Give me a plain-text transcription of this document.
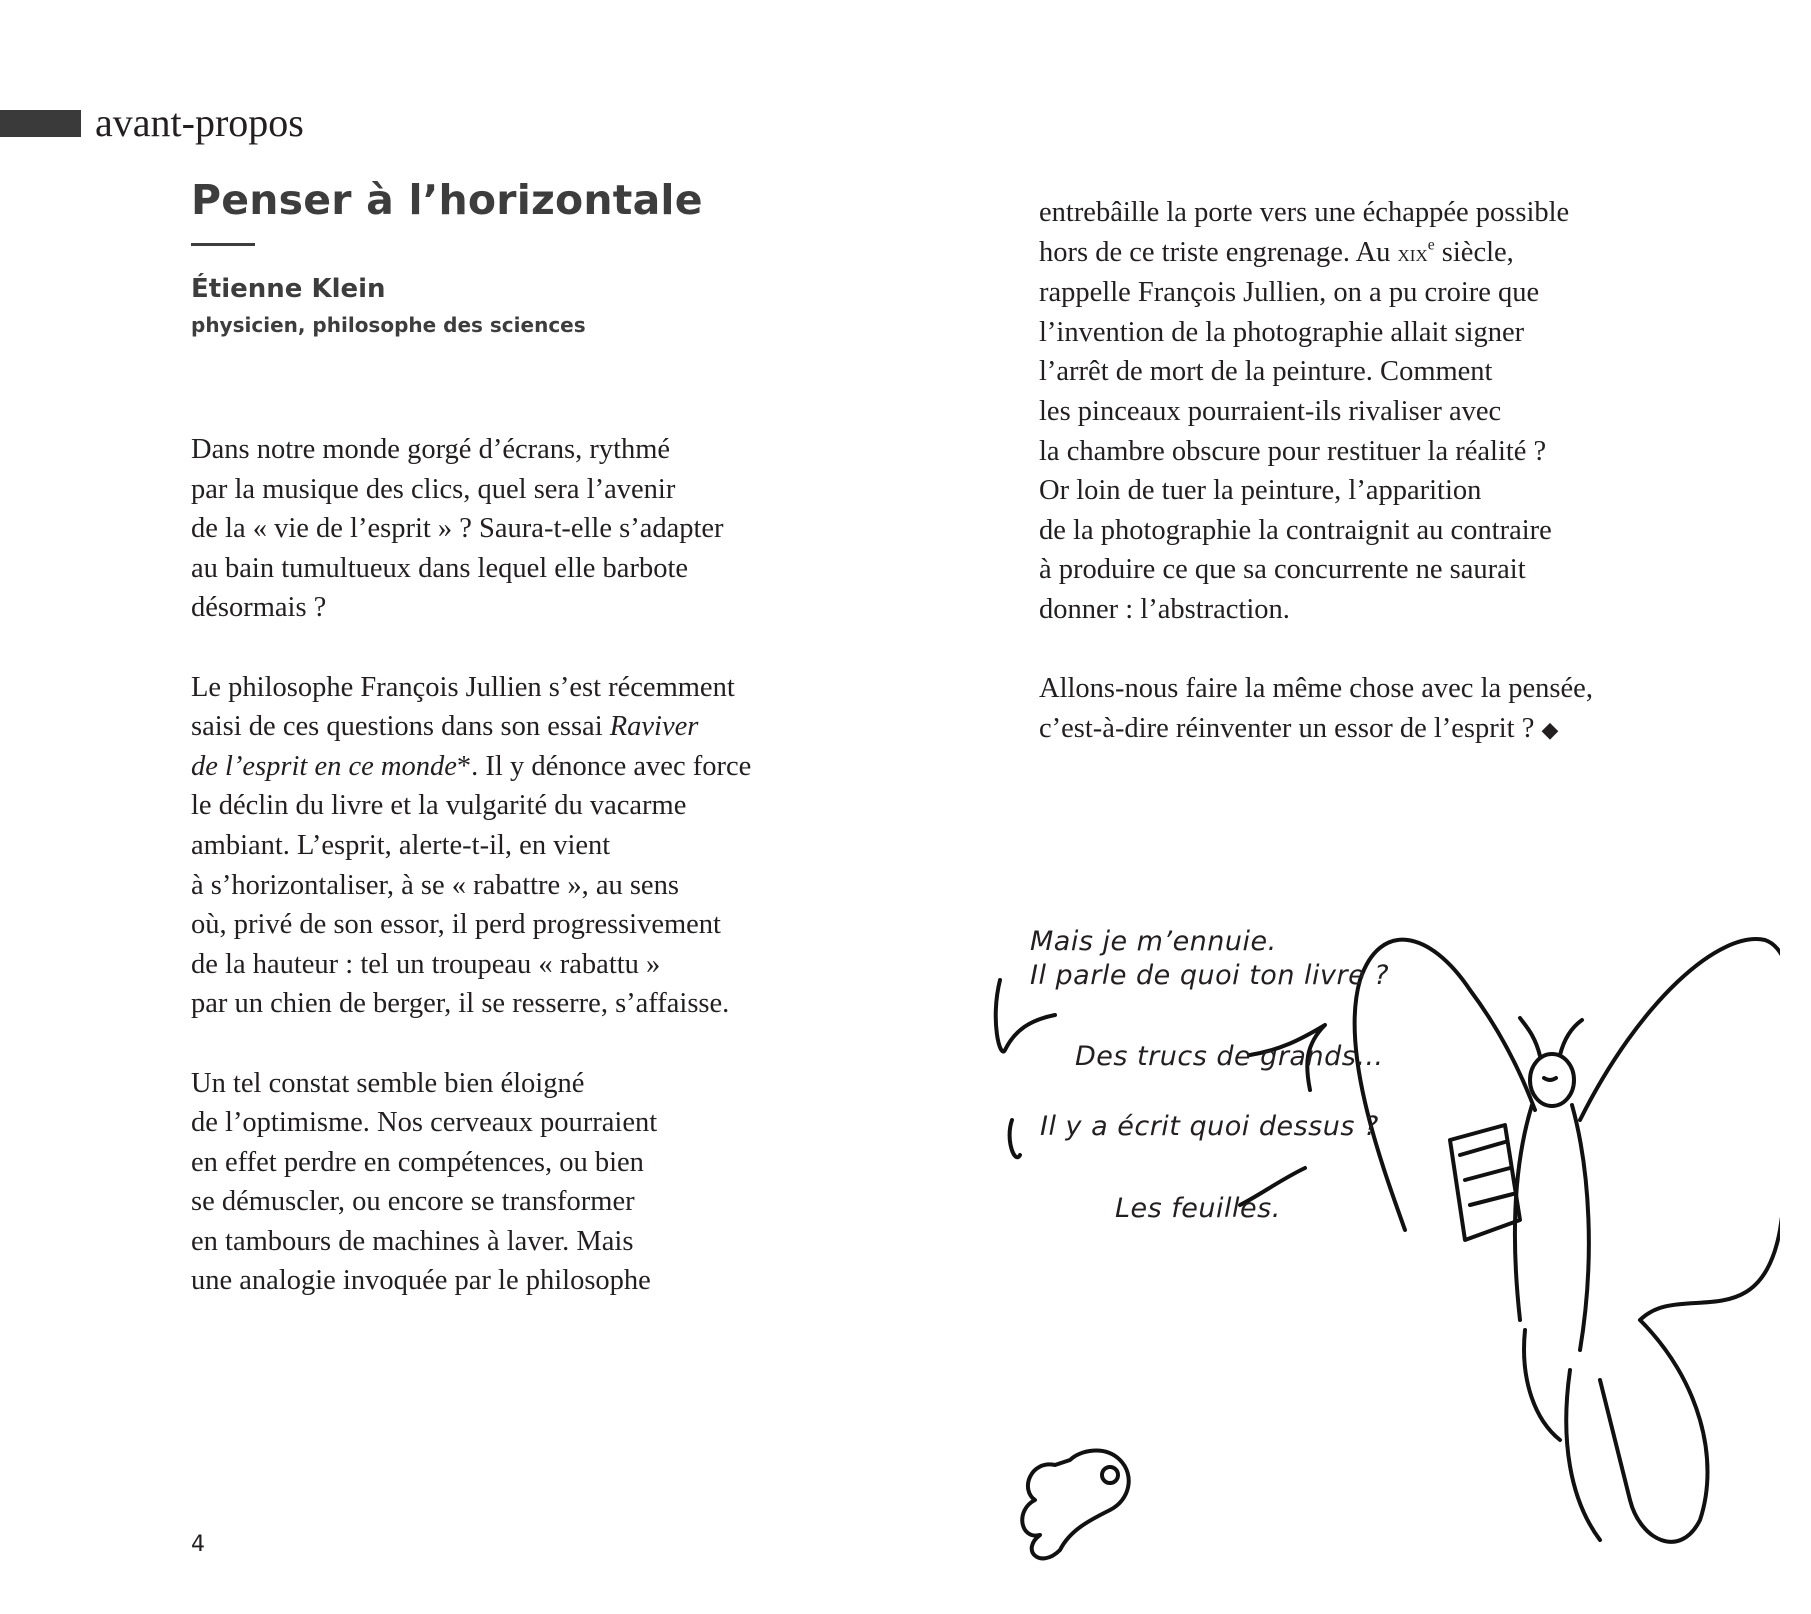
avant-propos
Penser à l’horizontale
Étienne Klein
physicien, philosophe des sciences
Dans notre monde gorgé d’écrans, rythmé
par la musique des clics, quel sera l’avenir
de la « vie de l’esprit » ? Saura-t-elle s’adapter
au bain tumultueux dans lequel elle barbote
désormais ?
Le philosophe François Jullien s’est récemment
saisi de ces questions dans son essai Raviver
de l’esprit en ce monde*. Il y dénonce avec force
le déclin du livre et la vulgarité du vacarme
ambiant. L’esprit, alerte-t-il, en vient
à s’horizontaliser, à se « rabattre », au sens
où, privé de son essor, il perd progressivement
de la hauteur : tel un troupeau « rabattu »
par un chien de berger, il se resserre, s’affaisse.
Un tel constat semble bien éloigné
de l’optimisme. Nos cerveaux pourraient
en effet perdre en compétences, ou bien
se démuscler, ou encore se transformer
en tambours de machines à laver. Mais
une analogie invoquée par le philosophe
entrebâille la porte vers une échappée possible
hors de ce triste engrenage. Au xix$^e$ siècle,
rappelle François Jullien, on a pu croire que
l’invention de la photographie allait signer
l’arrêt de mort de la peinture. Comment
les pinceaux pourraient-ils rivaliser avec
la chambre obscure pour restituer la réalité ?
Or loin de tuer la peinture, l’apparition
de la photographie la contraignit au contraire
à produire ce que sa concurrente ne saurait
donner : l’abstraction.
Allons-nous faire la même chose avec la pensée,
c’est-à-dire réinventer un essor de l’esprit ? ◆
Mais je m’ennuie.
Il parle de quoi ton livre ?
Des trucs de grands…
Il y a écrit quoi dessus ?
Les feuilles.
4
